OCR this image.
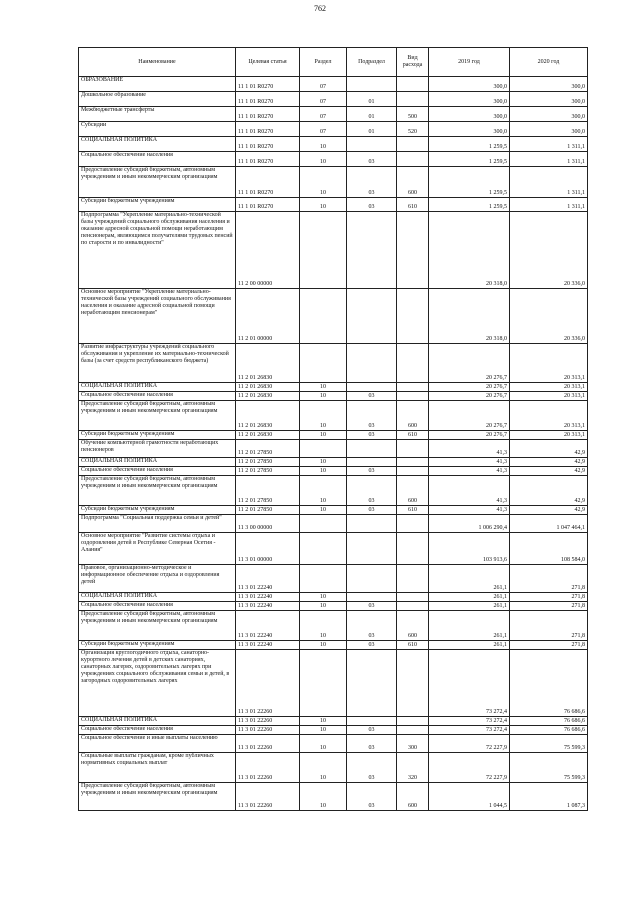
762
Наименование	Целевая статья	Раздел	Подраздел	Вид расхода	2019 год	2020 год
ОБРАЗОВАНИЕ	11 1 01 R0270	07			300,0	300,0
Дошкольное образование	11 1 01 R0270	07	01		300,0	300,0
Межбюджетные трансферты	11 1 01 R0270	07	01	500	300,0	300,0
Субсидии	11 1 01 R0270	07	01	520	300,0	300,0
СОЦИАЛЬНАЯ ПОЛИТИКА	11 1 01 R0270	10			1 259,5	1 311,1
Социальное обеспечение населения	11 1 01 R0270	10	03		1 259,5	1 311,1
Предоставление субсидий бюджетным, автономным учреждениям и иным некоммерческим организациям	11 1 01 R0270	10	03	600	1 259,5	1 311,1
Субсидии бюджетным учреждениям	11 1 01 R0270	10	03	610	1 259,5	1 311,1
Подпрограмма "Укрепление материально-технической базы учреждений социального обслуживания населения и оказание адресной социальной помощи неработающим пенсионерам, являющимся получателями трудовых пенсий по старости и по инвалидности"	11 2 00 00000				20 318,0	20 336,0
Основное мероприятие "Укрепление материально-технической базы учреждений социального обслуживания населения и оказание адресной социальной помощи неработающим пенсионерам"	11 2 01 00000				20 318,0	20 336,0
Развитие инфраструктуры учреждений социального обслуживания и укрепление их материально-технической базы (за счет средств республиканского бюджета)	11 2 01 26830				20 276,7	20 313,1
СОЦИАЛЬНАЯ ПОЛИТИКА	11 2 01 26830	10			20 276,7	20 313,1
Социальное обеспечение населения	11 2 01 26830	10	03		20 276,7	20 313,1
Предоставление субсидий бюджетным, автономным учреждениям и иным некоммерческим организациям	11 2 01 26830	10	03	600	20 276,7	20 313,1
Субсидии бюджетным учреждениям	11 2 01 26830	10	03	610	20 276,7	20 313,1
Обучение компьютерной грамотности неработающих пенсионеров	11 2 01 27850				41,3	42,9
СОЦИАЛЬНАЯ ПОЛИТИКА	11 2 01 27850	10			41,3	42,9
Социальное обеспечение населения	11 2 01 27850	10	03		41,3	42,9
Предоставление субсидий бюджетным, автономным учреждениям и иным некоммерческим организациям	11 2 01 27850	10	03	600	41,3	42,9
Субсидии бюджетным учреждениям	11 2 01 27850	10	03	610	41,3	42,9
Подпрограмма "Социальная поддержка семьи и детей"	11 3 00 00000				1 006 290,4	1 047 464,1
Основное мероприятие "Развитие системы отдыха и оздоровления детей в Республике Северная Осетия - Алания"	11 3 01 00000				103 913,6	108 584,0
Правовое, организационно-методическое и информационное обеспечение отдыха и оздоровления детей	11 3 01 22240				261,1	271,8
СОЦИАЛЬНАЯ ПОЛИТИКА	11 3 01 22240	10			261,1	271,8
Социальное обеспечение населения	11 3 01 22240	10	03		261,1	271,8
Предоставление субсидий бюджетным, автономным учреждениям и иным некоммерческим организациям	11 3 01 22240	10	03	600	261,1	271,8
Субсидии бюджетным учреждениям	11 3 01 22240	10	03	610	261,1	271,8
Организация круглогодичного отдыха, санаторно-курортного лечения детей в детских санаториях, санаторных лагерях, оздоровительных лагерях при учреждениях социального обслуживания семьи и детей, в загородных оздоровительных лагерях	11 3 01 22260				73 272,4	76 686,6
СОЦИАЛЬНАЯ ПОЛИТИКА	11 3 01 22260	10			73 272,4	76 686,6
Социальное обеспечение населения	11 3 01 22260	10	03		73 272,4	76 686,6
Социальное обеспечение и иные выплаты населению	11 3 01 22260	10	03	300	72 227,9	75 599,3
Социальные выплаты гражданам, кроме публичных нормативных социальных выплат	11 3 01 22260	10	03	320	72 227,9	75 599,3
Предоставление субсидий бюджетным, автономным учреждениям и иным некоммерческим организациям	11 3 01 22260	10	03	600	1 044,5	1 087,3
